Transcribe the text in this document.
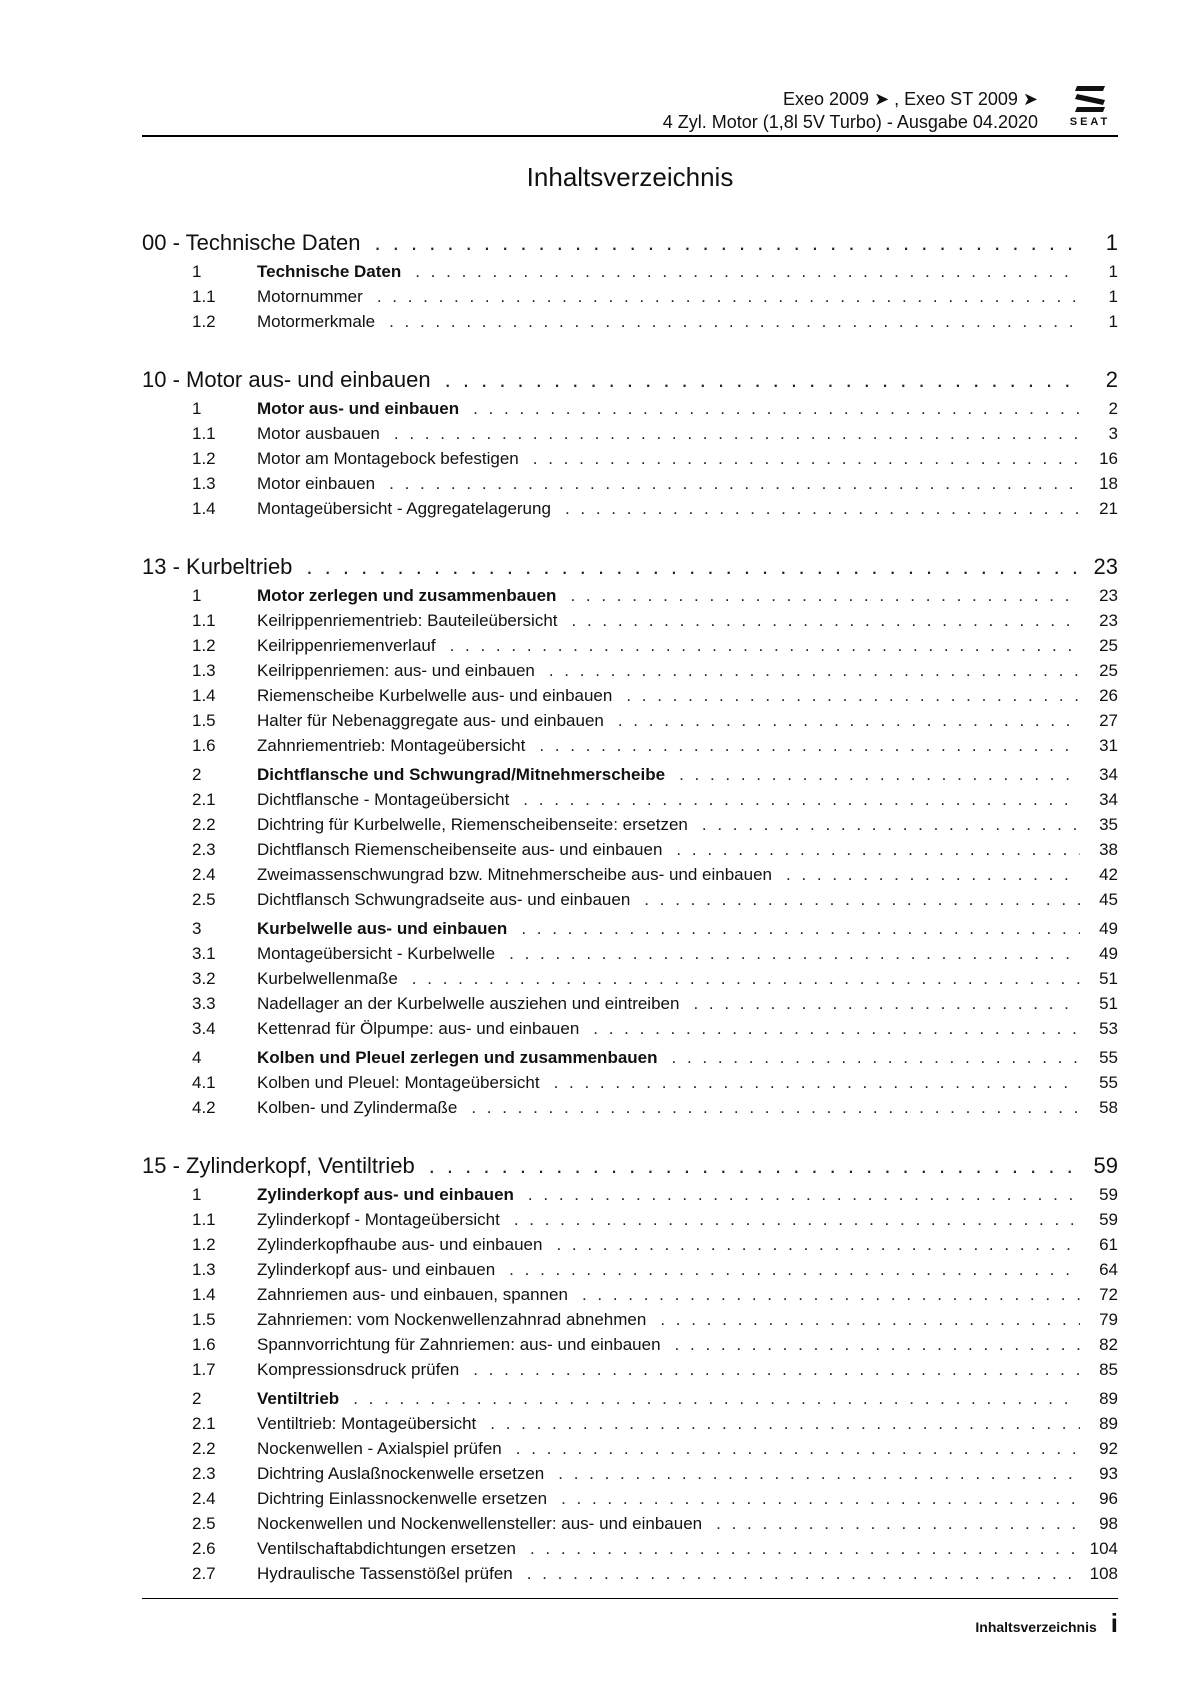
Exeo 2009 ➤ , Exeo ST 2009 ➤
4 Zyl. Motor (1,8l 5V Turbo) - Ausgabe 04.2020	SEAT
Inhaltsverzeichnis
00 - Technische Daten . . .	1
1	Technische Daten . . .	1
1.1	Motornummer . . .	1
1.2	Motormerkmale . . .	1
10 - Motor aus- und einbauen . . .	2
1	Motor aus- und einbauen . . .	2
1.1	Motor ausbauen . . .	3
1.2	Motor am Montagebock befestigen . . .	16
1.3	Motor einbauen . . .	18
1.4	Montageübersicht - Aggregatelagerung . . .	21
13 - Kurbeltrieb . . .	23
1	Motor zerlegen und zusammenbauen . . .	23
1.1	Keilrippenriementrieb: Bauteileübersicht . . .	23
1.2	Keilrippenriemenverlauf . . .	25
1.3	Keilrippenriemen: aus- und einbauen . . .	25
1.4	Riemenscheibe Kurbelwelle aus- und einbauen . . .	26
1.5	Halter für Nebenaggregate aus- und einbauen . . .	27
1.6	Zahnriementrieb: Montageübersicht . . .	31
2	Dichtflansche und Schwungrad/Mitnehmerscheibe . . .	34
2.1	Dichtflansche - Montageübersicht . . .	34
2.2	Dichtring für Kurbelwelle, Riemenscheibenseite: ersetzen . . .	35
2.3	Dichtflansch Riemenscheibenseite aus- und einbauen . . .	38
2.4	Zweimassenschwungrad bzw. Mitnehmerscheibe aus- und einbauen . . .	42
2.5	Dichtflansch Schwungradseite aus- und einbauen . . .	45
3	Kurbelwelle aus- und einbauen . . .	49
3.1	Montageübersicht - Kurbelwelle . . .	49
3.2	Kurbelwellenmaße . . .	51
3.3	Nadellager an der Kurbelwelle ausziehen und eintreiben . . .	51
3.4	Kettenrad für Ölpumpe: aus- und einbauen . . .	53
4	Kolben und Pleuel zerlegen und zusammenbauen . . .	55
4.1	Kolben und Pleuel: Montageübersicht . . .	55
4.2	Kolben- und Zylindermaße . . .	58
15 - Zylinderkopf, Ventiltrieb . . .	59
1	Zylinderkopf aus- und einbauen . . .	59
1.1	Zylinderkopf - Montageübersicht . . .	59
1.2	Zylinderkopfhaube aus- und einbauen . . .	61
1.3	Zylinderkopf aus- und einbauen . . .	64
1.4	Zahnriemen aus- und einbauen, spannen . . .	72
1.5	Zahnriemen: vom Nockenwellenzahnrad abnehmen . . .	79
1.6	Spannvorrichtung für Zahnriemen: aus- und einbauen . . .	82
1.7	Kompressionsdruck prüfen . . .	85
2	Ventiltrieb . . .	89
2.1	Ventiltrieb: Montageübersicht . . .	89
2.2	Nockenwellen - Axialspiel prüfen . . .	92
2.3	Dichtring Auslaßnockenwelle ersetzen . . .	93
2.4	Dichtring Einlassnockenwelle ersetzen . . .	96
2.5	Nockenwellen und Nockenwellensteller: aus- und einbauen . . .	98
2.6	Ventilschaftabdichtungen ersetzen . . .	104
2.7	Hydraulische Tassenstößel prüfen . . .	108
Inhaltsverzeichnis i
